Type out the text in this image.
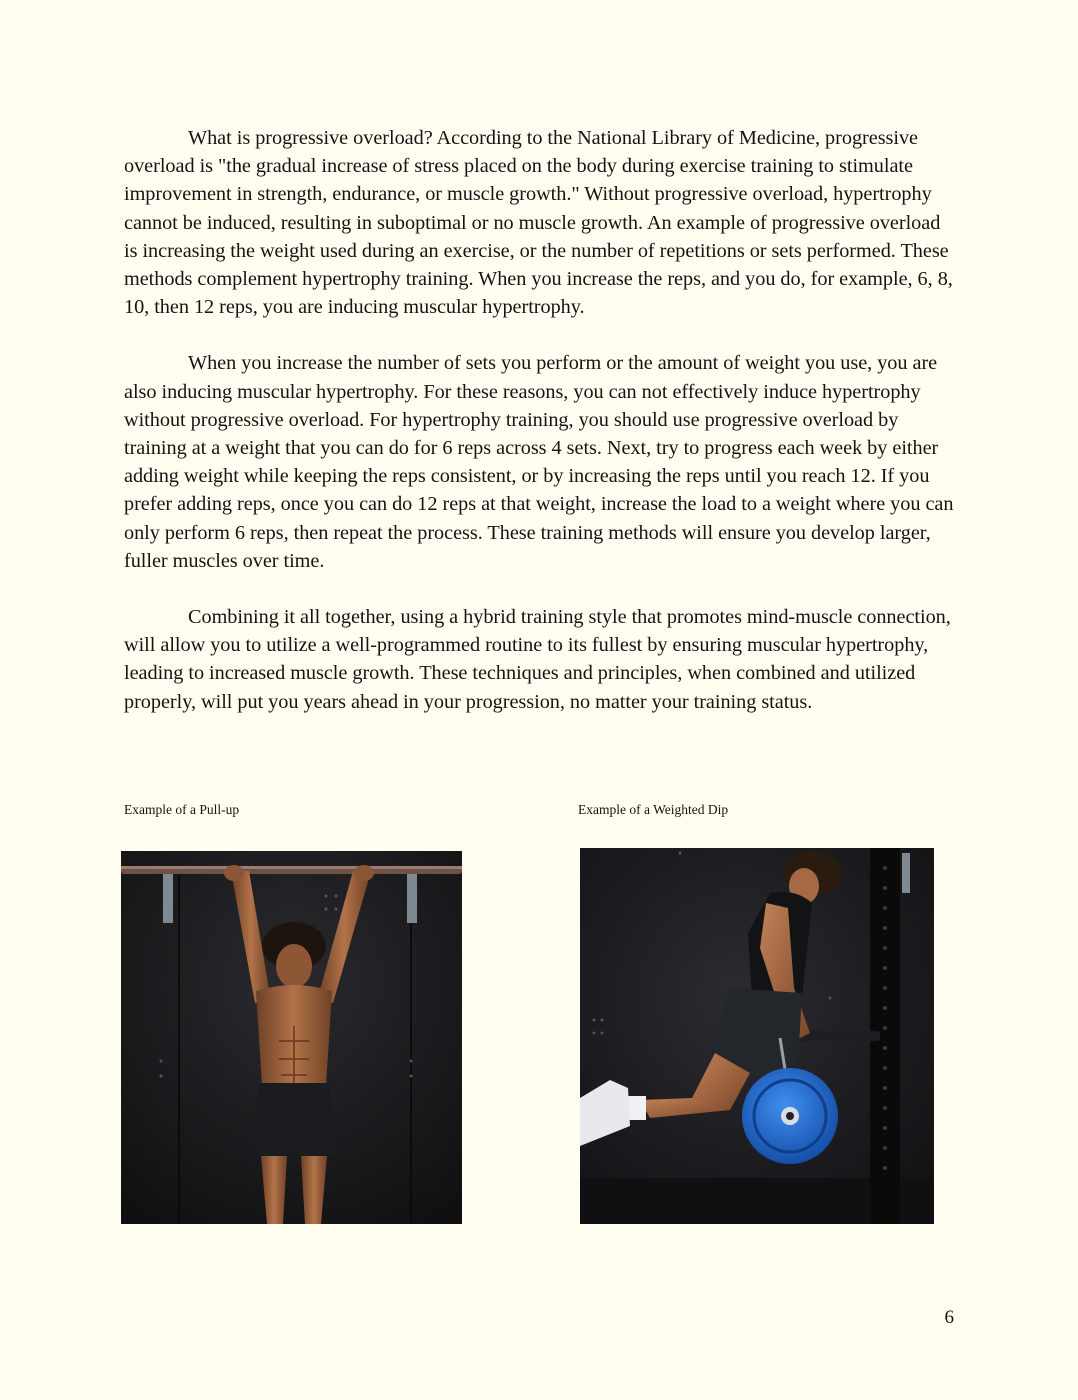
What is progressive overload? According to the National Library of Medicine, progressive overload is "the gradual increase of stress placed on the body during exercise training to stimulate improvement in strength, endurance, or muscle growth." Without progressive overload, hypertrophy cannot be induced, resulting in suboptimal or no muscle growth. An example of progressive overload is increasing the weight used during an exercise, or the number of repetitions or sets performed. These methods complement hypertrophy training. When you increase the reps, and you do, for example, 6, 8, 10, then 12 reps, you are inducing muscular hypertrophy.

When you increase the number of sets you perform or the amount of weight you use, you are also inducing muscular hypertrophy. For these reasons, you can not effectively induce hypertrophy without progressive overload. For hypertrophy training, you should use progressive overload by training at a weight that you can do for 6 reps across 4 sets. Next, try to progress each week by either adding weight while keeping the reps consistent, or by increasing the reps until you reach 12. If you prefer adding reps, once you can do 12 reps at that weight, increase the load to a weight where you can only perform 6 reps, then repeat the process. These training methods will ensure you develop larger, fuller muscles over time.

Combining it all together, using a hybrid training style that promotes mind-muscle connection, will allow you to utilize a well-programmed routine to its fullest by ensuring muscular hypertrophy, leading to increased muscle growth. These techniques and principles, when combined and utilized properly, will put you years ahead in your progression, no matter your training status.

Example of a Pull-up	Example of a Weighted Dip
6
